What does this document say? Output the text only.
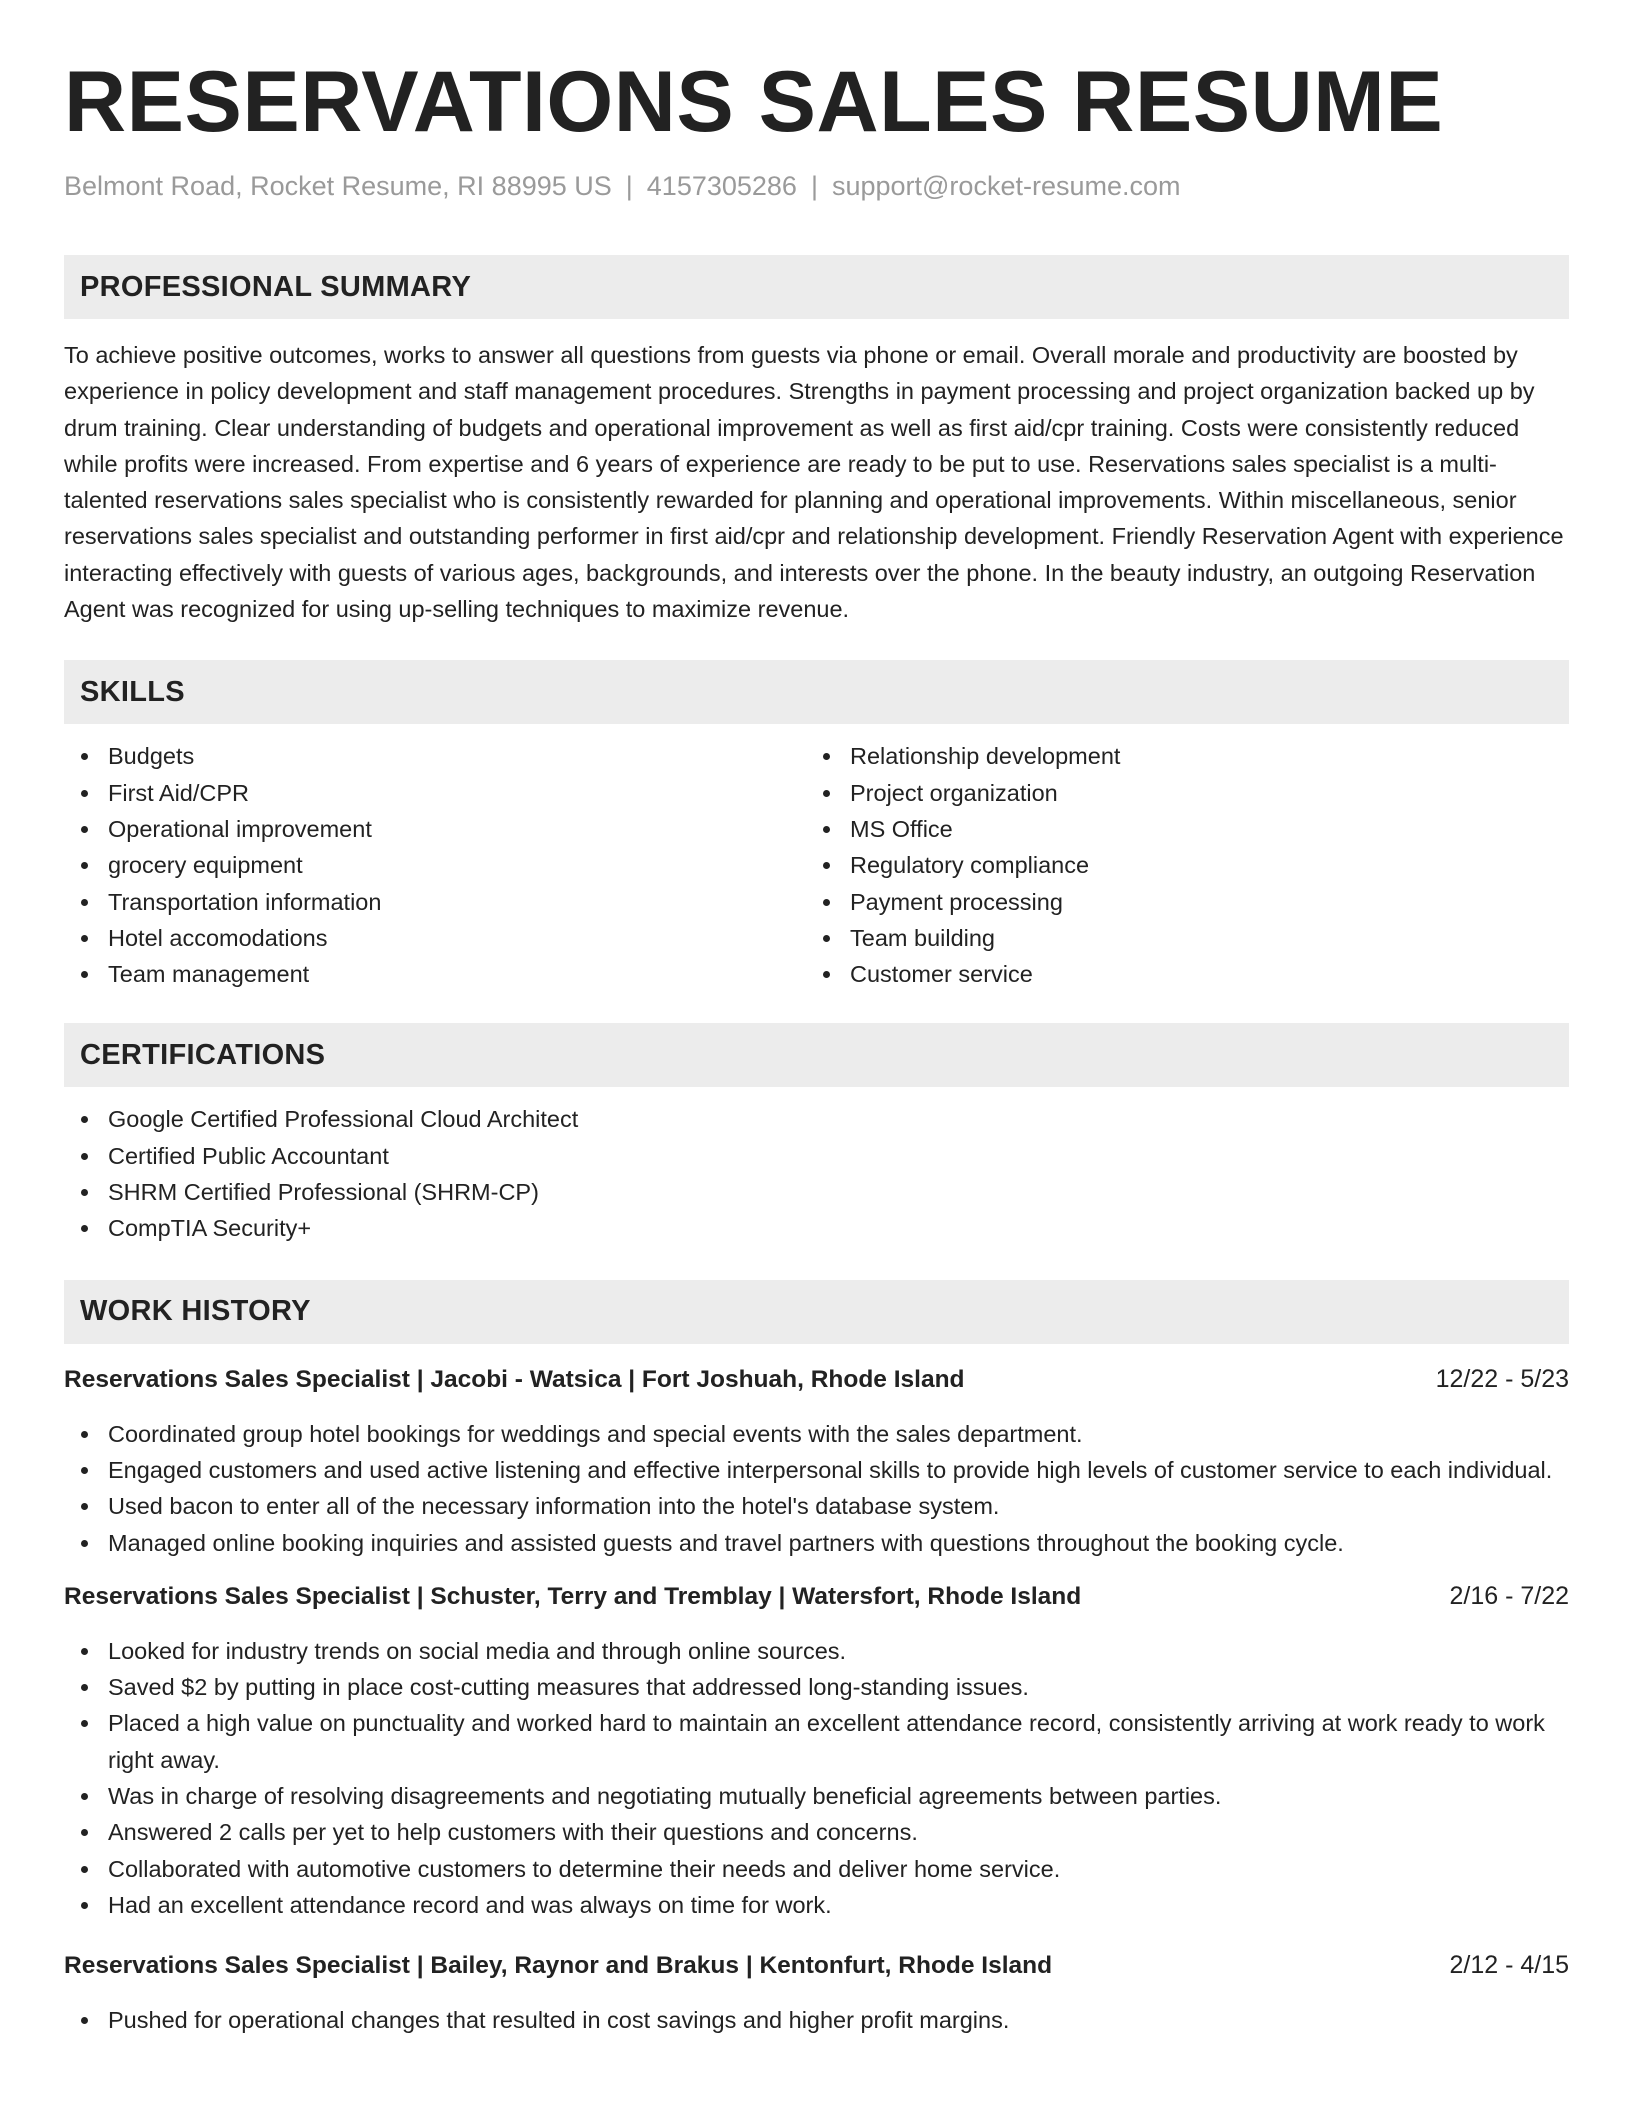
RESERVATIONS SALES RESUME
Belmont Road, Rocket Resume, RI 88995 US | 4157305286 | support@rocket-resume.com
PROFESSIONAL SUMMARY

To achieve positive outcomes, works to answer all questions from guests via phone or email. Overall morale and productivity are boosted by experience in policy development and staff management procedures. Strengths in payment processing and project organization backed up by drum training. Clear understanding of budgets and operational improvement as well as first aid/cpr training. Costs were consistently reduced while profits were increased. From expertise and 6 years of experience are ready to be put to use. Reservations sales specialist is a multi-talented reservations sales specialist who is consistently rewarded for planning and operational improvements. Within miscellaneous, senior reservations sales specialist and outstanding performer in first aid/cpr and relationship development. Friendly Reservation Agent with experience interacting effectively with guests of various ages, backgrounds, and interests over the phone. In the beauty industry, an outgoing Reservation Agent was recognized for using up-selling techniques to maximize revenue.

SKILLS
Budgets
First Aid/CPR
Operational improvement
grocery equipment
Transportation information
Hotel accomodations
Team management
Relationship development
Project organization
MS Office
Regulatory compliance
Payment processing
Team building
Customer service
CERTIFICATIONS
Google Certified Professional Cloud Architect
Certified Public Accountant
SHRM Certified Professional (SHRM-CP)
CompTIA Security+
WORK HISTORY
Reservations Sales Specialist | Jacobi - Watsica | Fort Joshuah, Rhode Island	12/22 - 5/23
Coordinated group hotel bookings for weddings and special events with the sales department.
Engaged customers and used active listening and effective interpersonal skills to provide high levels of customer service to each individual.
Used bacon to enter all of the necessary information into the hotel's database system.
Managed online booking inquiries and assisted guests and travel partners with questions throughout the booking cycle.
Reservations Sales Specialist | Schuster, Terry and Tremblay | Watersfort, Rhode Island	2/16 - 7/22
Looked for industry trends on social media and through online sources.
Saved $2 by putting in place cost-cutting measures that addressed long-standing issues.
Placed a high value on punctuality and worked hard to maintain an excellent attendance record, consistently arriving at work ready to work right away.
Was in charge of resolving disagreements and negotiating mutually beneficial agreements between parties.
Answered 2 calls per yet to help customers with their questions and concerns.
Collaborated with automotive customers to determine their needs and deliver home service.
Had an excellent attendance record and was always on time for work.
Reservations Sales Specialist | Bailey, Raynor and Brakus | Kentonfurt, Rhode Island	2/12 - 4/15
Pushed for operational changes that resulted in cost savings and higher profit margins.
